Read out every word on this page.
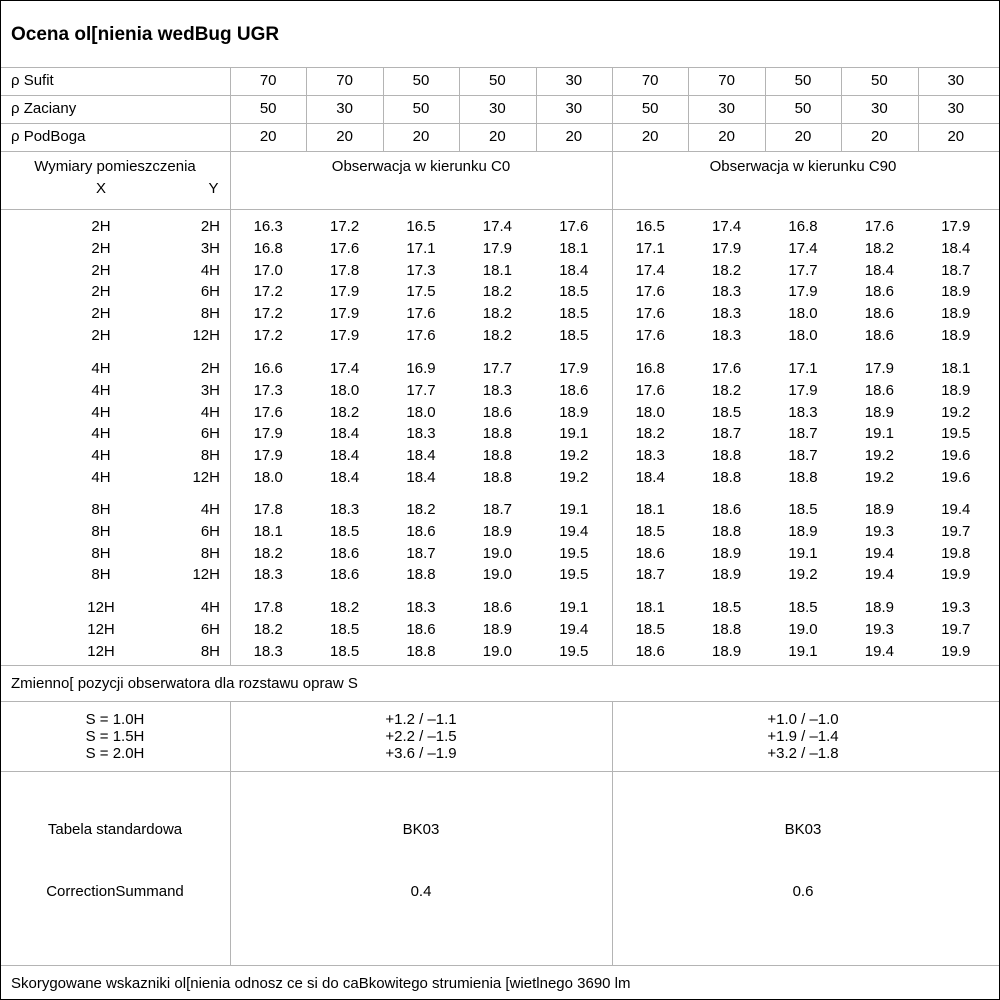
Ocena ol[nienia wedBug UGR
ρ Sufit	70	70	50	50	30	70	70	50	50	30
ρ Zaciany	50	30	50	30	30	50	30	50	30	30
ρ PodBoga	20	20	20	20	20	20	20	20	20	20
Wymiary pomieszczenia
X	Y
Obserwacja w kierunku C0	Obserwacja w kierunku C90
2H	2H	16.3	17.2	16.5	17.4	17.6	16.5	17.4	16.8	17.6	17.9
2H	3H	16.8	17.6	17.1	17.9	18.1	17.1	17.9	17.4	18.2	18.4
2H	4H	17.0	17.8	17.3	18.1	18.4	17.4	18.2	17.7	18.4	18.7
2H	6H	17.2	17.9	17.5	18.2	18.5	17.6	18.3	17.9	18.6	18.9
2H	8H	17.2	17.9	17.6	18.2	18.5	17.6	18.3	18.0	18.6	18.9
2H	12H	17.2	17.9	17.6	18.2	18.5	17.6	18.3	18.0	18.6	18.9
4H	2H	16.6	17.4	16.9	17.7	17.9	16.8	17.6	17.1	17.9	18.1
4H	3H	17.3	18.0	17.7	18.3	18.6	17.6	18.2	17.9	18.6	18.9
4H	4H	17.6	18.2	18.0	18.6	18.9	18.0	18.5	18.3	18.9	19.2
4H	6H	17.9	18.4	18.3	18.8	19.1	18.2	18.7	18.7	19.1	19.5
4H	8H	17.9	18.4	18.4	18.8	19.2	18.3	18.8	18.7	19.2	19.6
4H	12H	18.0	18.4	18.4	18.8	19.2	18.4	18.8	18.8	19.2	19.6
8H	4H	17.8	18.3	18.2	18.7	19.1	18.1	18.6	18.5	18.9	19.4
8H	6H	18.1	18.5	18.6	18.9	19.4	18.5	18.8	18.9	19.3	19.7
8H	8H	18.2	18.6	18.7	19.0	19.5	18.6	18.9	19.1	19.4	19.8
8H	12H	18.3	18.6	18.8	19.0	19.5	18.7	18.9	19.2	19.4	19.9
12H	4H	17.8	18.2	18.3	18.6	19.1	18.1	18.5	18.5	18.9	19.3
12H	6H	18.2	18.5	18.6	18.9	19.4	18.5	18.8	19.0	19.3	19.7
12H	8H	18.3	18.5	18.8	19.0	19.5	18.6	18.9	19.1	19.4	19.9
Zmienno[ pozycji obserwatora dla rozstawu opraw S
S = 1.0H	+1.2 / –1.1	+1.0 / –1.0
S = 1.5H	+2.2 / –1.5	+1.9 / –1.4
S = 2.0H	+3.6 / –1.9	+3.2 / –1.8
Tabela standardowa	BK03	BK03
CorrectionSummand	0.4	0.6
Skorygowane wskazniki ol[nienia odnosz ce si do caBkowitego strumienia [wietlnego 3690 lm
